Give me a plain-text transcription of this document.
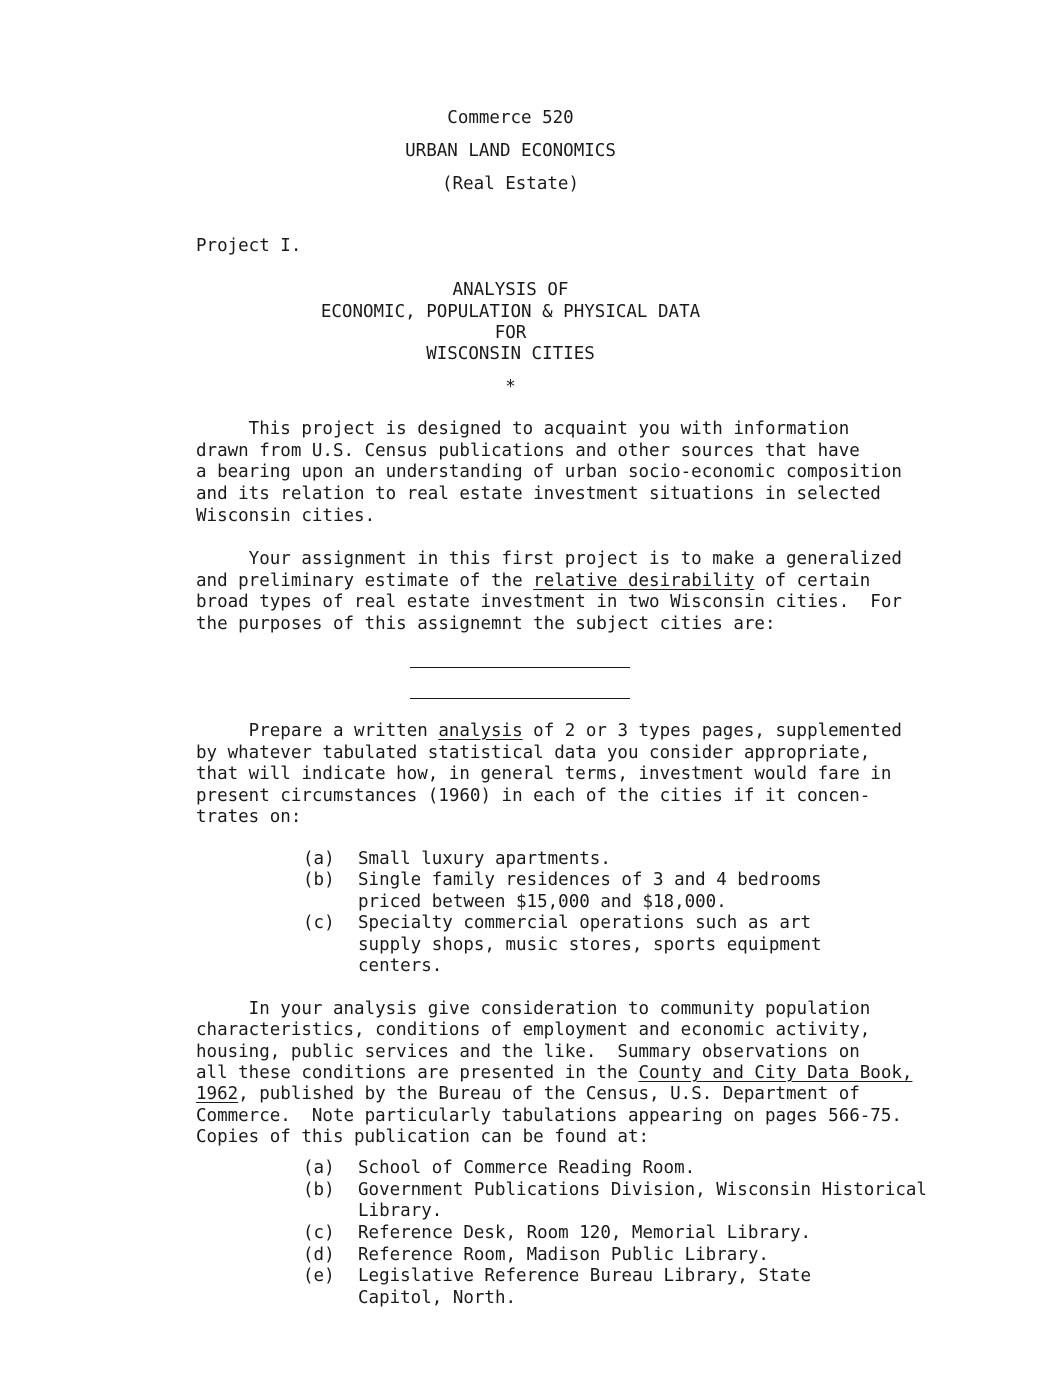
Commerce 520
URBAN LAND ECONOMICS
(Real Estate)
Project I.
ANALYSIS OF
ECONOMIC, POPULATION & PHYSICAL DATA
FOR
WISCONSIN CITIES
*
This project is designed to acquaint you with information
drawn from U.S. Census publications and other sources that have
a bearing upon an understanding of urban socio-economic composition
and its relation to real estate investment situations in selected
Wisconsin cities.
Your assignment in this first project is to make a generalized
and preliminary estimate of the relative desirability of certain
broad types of real estate investment in two Wisconsin cities.  For
the purposes of this assignemnt the subject cities are:
Prepare a written analysis of 2 or 3 types pages, supplemented
by whatever tabulated statistical data you consider appropriate,
that will indicate how, in general terms, investment would fare in
present circumstances (1960) in each of the cities if it concen-
trates on:
(a) Small luxury apartments.
(b) Single family residences of 3 and 4 bedrooms
priced between $15,000 and $18,000.
(c) Specialty commercial operations such as art
supply shops, music stores, sports equipment
centers.
In your analysis give consideration to community population
characteristics, conditions of employment and economic activity,
housing, public services and the like.  Summary observations on
all these conditions are presented in the County and City Data Book,
1962, published by the Bureau of the Census, U.S. Department of
Commerce.  Note particularly tabulations appearing on pages 566-75.
Copies of this publication can be found at:
(a) School of Commerce Reading Room.
(b) Government Publications Division, Wisconsin Historical
Library.
(c) Reference Desk, Room 120, Memorial Library.
(d) Reference Room, Madison Public Library.
(e) Legislative Reference Bureau Library, State
Capitol, North.
